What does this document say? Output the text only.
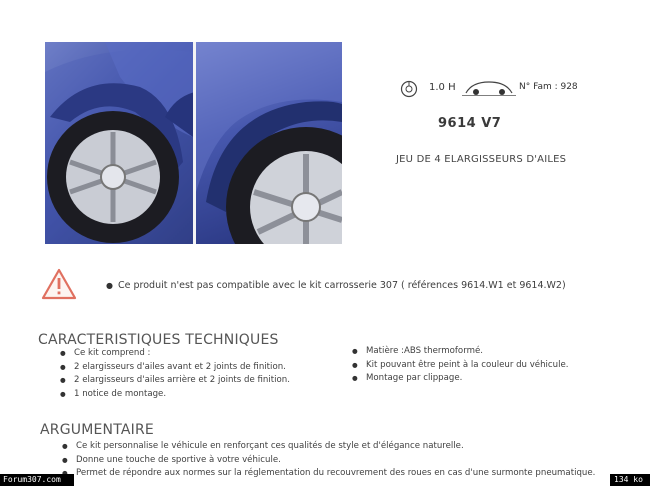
1.0 H	N° Fam : 928
9614 V7
JEU DE 4 ELARGISSEURS D'AILES
● Ce produit n'est pas compatible avec le kit carrosserie 307 ( références 9614.W1 et 9614.W2)
CARACTERISTIQUES TECHNIQUES
● Ce kit comprend :
● 2 elargisseurs d'ailes avant et 2 joints de finition.
● 2 elargisseurs d'ailes arrière et 2 joints de finition.
● 1 notice de montage.
● Matière :ABS thermoformé.
● Kit pouvant être peint à la couleur du véhicule.
● Montage par clippage.
ARGUMENTAIRE
● Ce kit personnalise le véhicule en renforçant ces qualités de style et d'élégance naturelle.
● Donne une touche de sportive à votre véhicule.
● Permet de répondre aux normes sur la réglementation du recouvrement des roues en cas d'une surmonte pneumatique.
Forum307.com	134 ko
